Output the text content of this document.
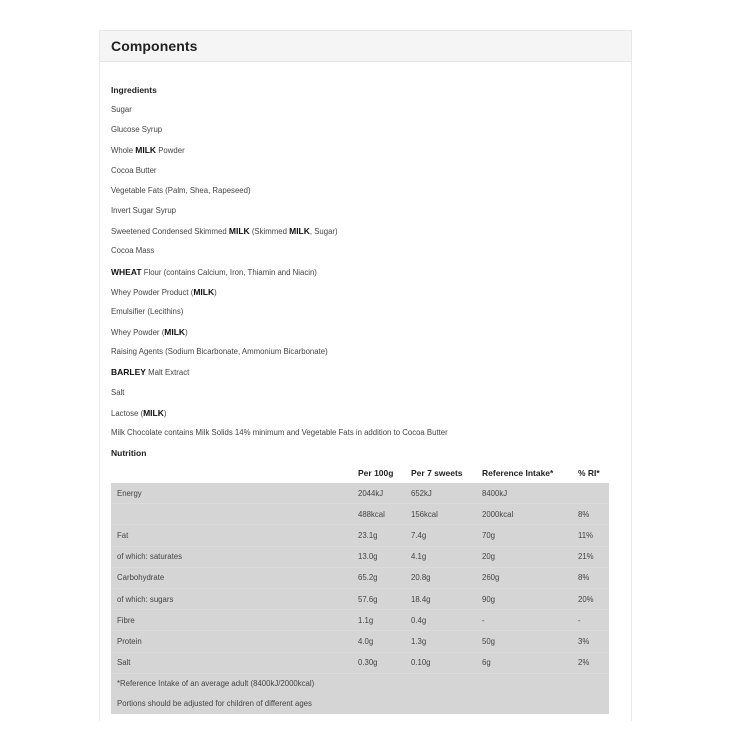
Components
Ingredients
Sugar
Glucose Syrup
Whole MILK Powder
Cocoa Butter
Vegetable Fats (Palm, Shea, Rapeseed)
Invert Sugar Syrup
Sweetened Condensed Skimmed MILK (Skimmed MILK, Sugar)
Cocoa Mass
WHEAT Flour (contains Calcium, Iron, Thiamin and Niacin)
Whey Powder Product (MILK)
Emulsifier (Lecithins)
Whey Powder (MILK)
Raising Agents (Sodium Bicarbonate, Ammonium Bicarbonate)
BARLEY Malt Extract
Salt
Lactose (MILK)
Milk Chocolate contains Milk Solids 14% minimum and Vegetable Fats in addition to Cocoa Butter
Nutrition
	Per 100g	Per 7 sweets	Reference Intake*	% RI*
Energy	2044kJ	652kJ	8400kJ	
	488kcal	156kcal	2000kcal	8%
Fat	23.1g	7.4g	70g	11%
of which: saturates	13.0g	4.1g	20g	21%
Carbohydrate	65.2g	20.8g	260g	8%
of which: sugars	57.6g	18.4g	90g	20%
Fibre	1.1g	0.4g	-	-
Protein	4.0g	1.3g	50g	3%
Salt	0.30g	0.10g	6g	2%
*Reference Intake of an average adult (8400kJ/2000kcal)				
Portions should be adjusted for children of different ages				
